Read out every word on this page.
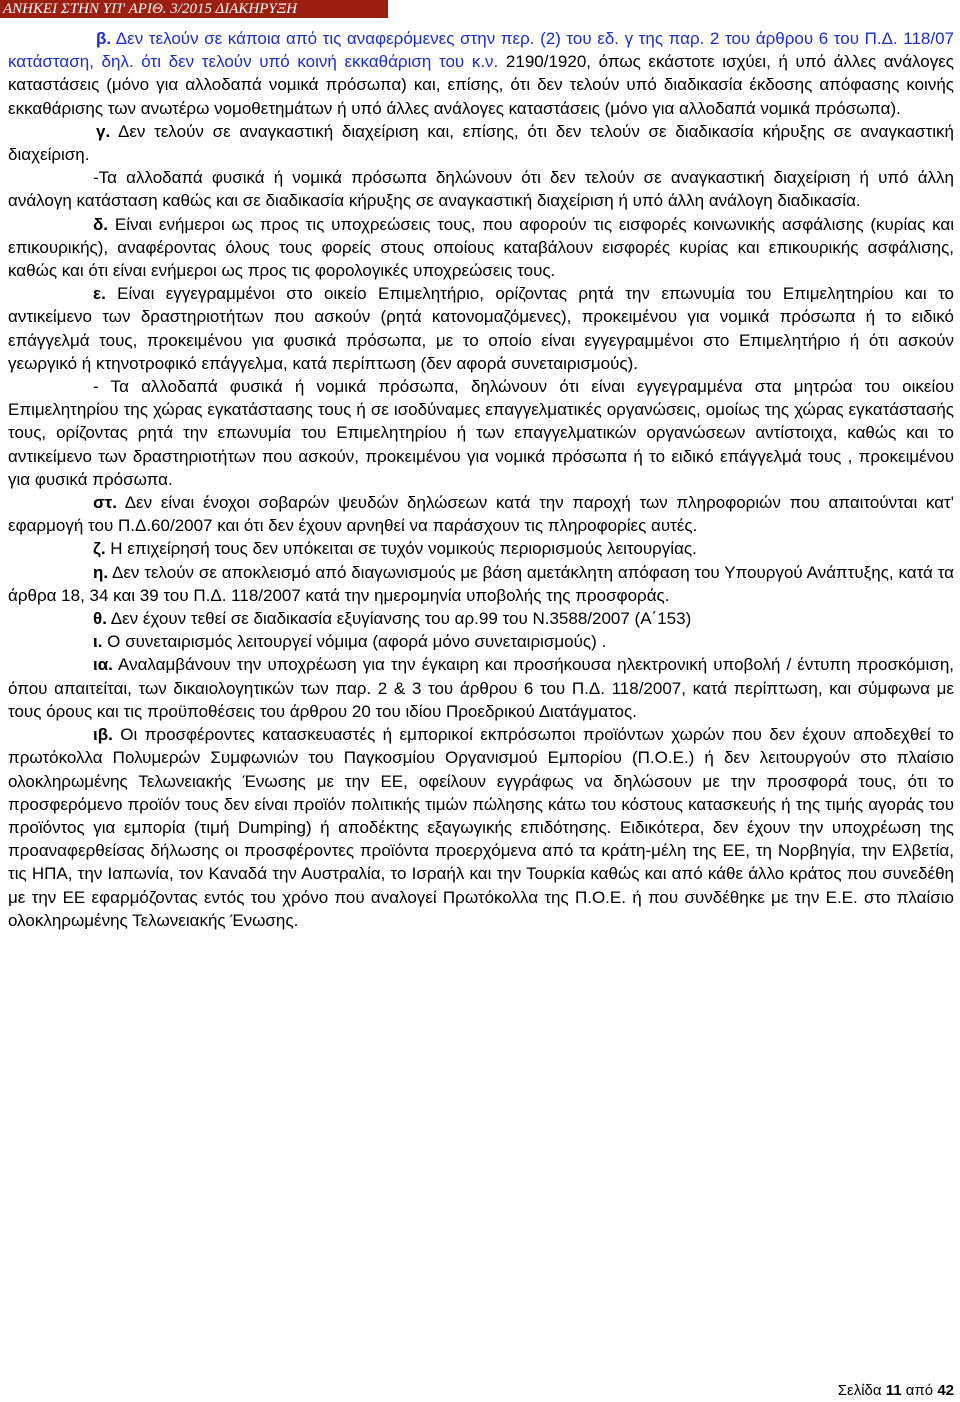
ΑΝΗΚΕΙ ΣΤΗΝ ΥΠ' ΑΡΙΘ. 3/2015 ΔΙΑΚΗΡΥΞΗ

β. Δεν τελούν σε κάποια από τις αναφερόμενες στην περ. (2) του εδ. γ της παρ. 2 του άρθρου 6 του Π.Δ. 118/07 κατάσταση, δηλ. ότι δεν τελούν υπό κοινή εκκαθάριση του κ.ν. 2190/1920, όπως εκάστοτε ισχύει, ή υπό άλλες ανάλογες καταστάσεις (μόνο για αλλοδαπά νομικά πρόσωπα) και, επίσης, ότι δεν τελούν υπό διαδικασία έκδοσης απόφασης κοινής εκκαθάρισης των ανωτέρω νομοθετημάτων ή υπό άλλες ανάλογες καταστάσεις (μόνο για αλλοδαπά νομικά πρόσωπα).

γ. Δεν τελούν σε αναγκαστική διαχείριση και, επίσης, ότι δεν τελούν σε διαδικασία κήρυξης σε αναγκαστική διαχείριση.

-Τα αλλοδαπά φυσικά ή νομικά πρόσωπα δηλώνουν ότι δεν τελούν σε αναγκαστική διαχείριση ή υπό άλλη ανάλογη κατάσταση καθώς και σε διαδικασία κήρυξης σε αναγκαστική διαχείριση ή υπό άλλη ανάλογη διαδικασία.

δ. Είναι ενήμεροι ως προς τις υποχρεώσεις τους, που αφορούν τις εισφορές κοινωνικής ασφάλισης (κυρίας και επικουρικής), αναφέροντας όλους τους φορείς στους οποίους καταβάλουν εισφορές κυρίας και επικουρικής ασφάλισης, καθώς και ότι είναι ενήμεροι ως προς τις φορολογικές υποχρεώσεις τους.

ε. Είναι εγγεγραμμένοι στο οικείο Επιμελητήριο, ορίζοντας ρητά την επωνυμία του Επιμελητηρίου και το αντικείμενο των δραστηριοτήτων που ασκούν (ρητά κατονομαζόμενες), προκειμένου για νομικά πρόσωπα ή το ειδικό επάγγελμά τους, προκειμένου για φυσικά πρόσωπα, με το οποίο είναι εγγεγραμμένοι στο Επιμελητήριο ή ότι ασκούν γεωργικό ή κτηνοτροφικό επάγγελμα, κατά περίπτωση (δεν αφορά συνεταιρισμούς).

- Τα αλλοδαπά φυσικά ή νομικά πρόσωπα, δηλώνουν ότι είναι εγγεγραμμένα στα μητρώα του οικείου Επιμελητηρίου της χώρας εγκατάστασης τους ή σε ισοδύναμες επαγγελματικές οργανώσεις, ομοίως της χώρας εγκατάστασής τους, ορίζοντας ρητά την επωνυμία του Επιμελητηρίου ή των επαγγελματικών οργανώσεων αντίστοιχα, καθώς και το αντικείμενο των δραστηριοτήτων που ασκούν, προκειμένου για νομικά πρόσωπα ή το ειδικό επάγγελμά τους , προκειμένου για φυσικά πρόσωπα.

στ. Δεν είναι ένοχοι σοβαρών ψευδών δηλώσεων κατά την παροχή των πληροφοριών που απαιτούνται κατ' εφαρμογή του Π.Δ.60/2007 και ότι δεν έχουν αρνηθεί να παράσχουν τις πληροφορίες αυτές.

ζ. Η επιχείρησή τους δεν υπόκειται σε τυχόν νομικούς περιορισμούς λειτουργίας.

η. Δεν τελούν σε αποκλεισμό από διαγωνισμούς με βάση αμετάκλητη απόφαση του Υπουργού Ανάπτυξης, κατά τα άρθρα 18, 34 και 39 του Π.Δ. 118/2007 κατά την ημερομηνία υποβολής της προσφοράς.

θ. Δεν έχουν τεθεί σε διαδικασία εξυγίανσης του αρ.99 του Ν.3588/2007 (Α΄153)

ι. Ο συνεταιρισμός λειτουργεί νόμιμα (αφορά μόνο συνεταιρισμούς) .

ια. Αναλαμβάνουν την υποχρέωση για την έγκαιρη και προσήκουσα ηλεκτρονική υποβολή / έντυπη προσκόμιση, όπου απαιτείται, των δικαιολογητικών των παρ. 2 & 3 του άρθρου 6 του Π.Δ. 118/2007, κατά περίπτωση, και σύμφωνα με τους όρους και τις προϋποθέσεις του άρθρου 20 του ιδίου Προεδρικού Διατάγματος.

ιβ. Οι προσφέροντες κατασκευαστές ή εμπορικοί εκπρόσωποι προϊόντων χωρών που δεν έχουν αποδεχθεί το πρωτόκολλα Πολυμερών Συμφωνιών του Παγκοσμίου Οργανισμού Εμπορίου (Π.Ο.Ε.) ή δεν λειτουργούν στο πλαίσιο ολοκληρωμένης Τελωνειακής Ένωσης με την ΕΕ, οφείλουν εγγράφως να δηλώσουν με την προσφορά τους, ότι το προσφερόμενο προϊόν τους δεν είναι προϊόν πολιτικής τιμών πώλησης κάτω του κόστους κατασκευής ή της τιμής αγοράς του προϊόντος για εμπορία (τιμή Dumping) ή αποδέκτης εξαγωγικής επιδότησης. Ειδικότερα, δεν έχουν την υποχρέωση της προαναφερθείσας δήλωσης οι προσφέροντες προϊόντα προερχόμενα από τα κράτη-μέλη της ΕΕ, τη Νορβηγία, την Ελβετία, τις ΗΠΑ, την Ιαπωνία, τον Καναδά την Αυστραλία, το Ισραήλ και την Τουρκία καθώς και από κάθε άλλο κράτος που συνεδέθη με την ΕΕ εφαρμόζοντας εντός του χρόνο που αναλογεί Πρωτόκολλα της Π.Ο.Ε. ή που συνδέθηκε με την Ε.Ε. στο πλαίσιο ολοκληρωμένης Τελωνειακής Ένωσης.

Σελίδα 11 από 42
